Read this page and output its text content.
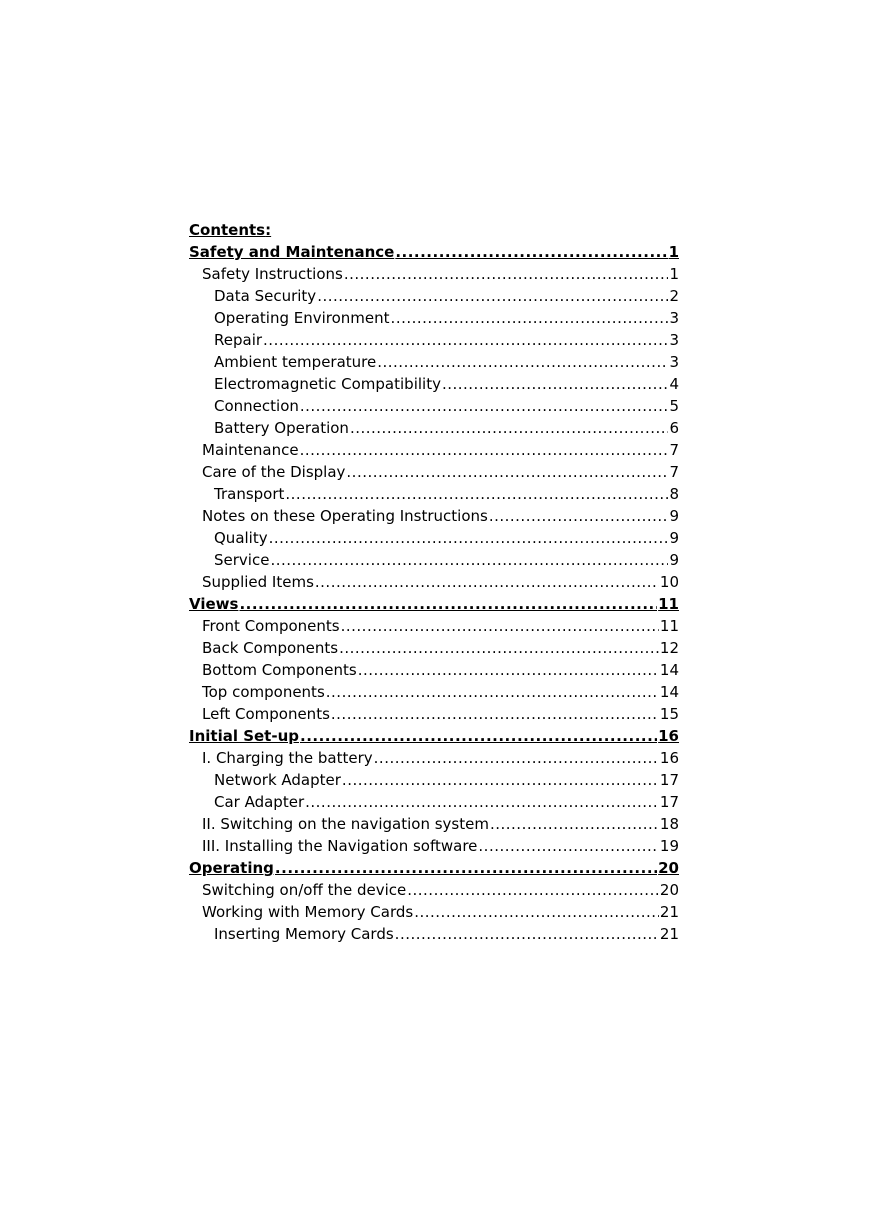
Contents:
Safety and Maintenance .....	1
Safety Instructions .....	1
Data Security .....	2
Operating Environment .....	3
Repair .....	3
Ambient temperature .....	3
Electromagnetic Compatibility .....	4
Connection .....	5
Battery Operation .....	6
Maintenance .....	7
Care of the Display .....	7
Transport .....	8
Notes on these Operating Instructions .....	9
Quality .....	9
Service .....	9
Supplied Items .....	10
Views .....	11
Front Components .....	11
Back Components .....	12
Bottom Components .....	14
Top components .....	14
Left Components .....	15
Initial Set-up .....	16
I. Charging the battery .....	16
Network Adapter .....	17
Car Adapter .....	17
II. Switching on the navigation system .....	18
III. Installing the Navigation software .....	19
Operating .....	20
Switching on/off the device .....	20
Working with Memory Cards .....	21
Inserting Memory Cards .....	21
